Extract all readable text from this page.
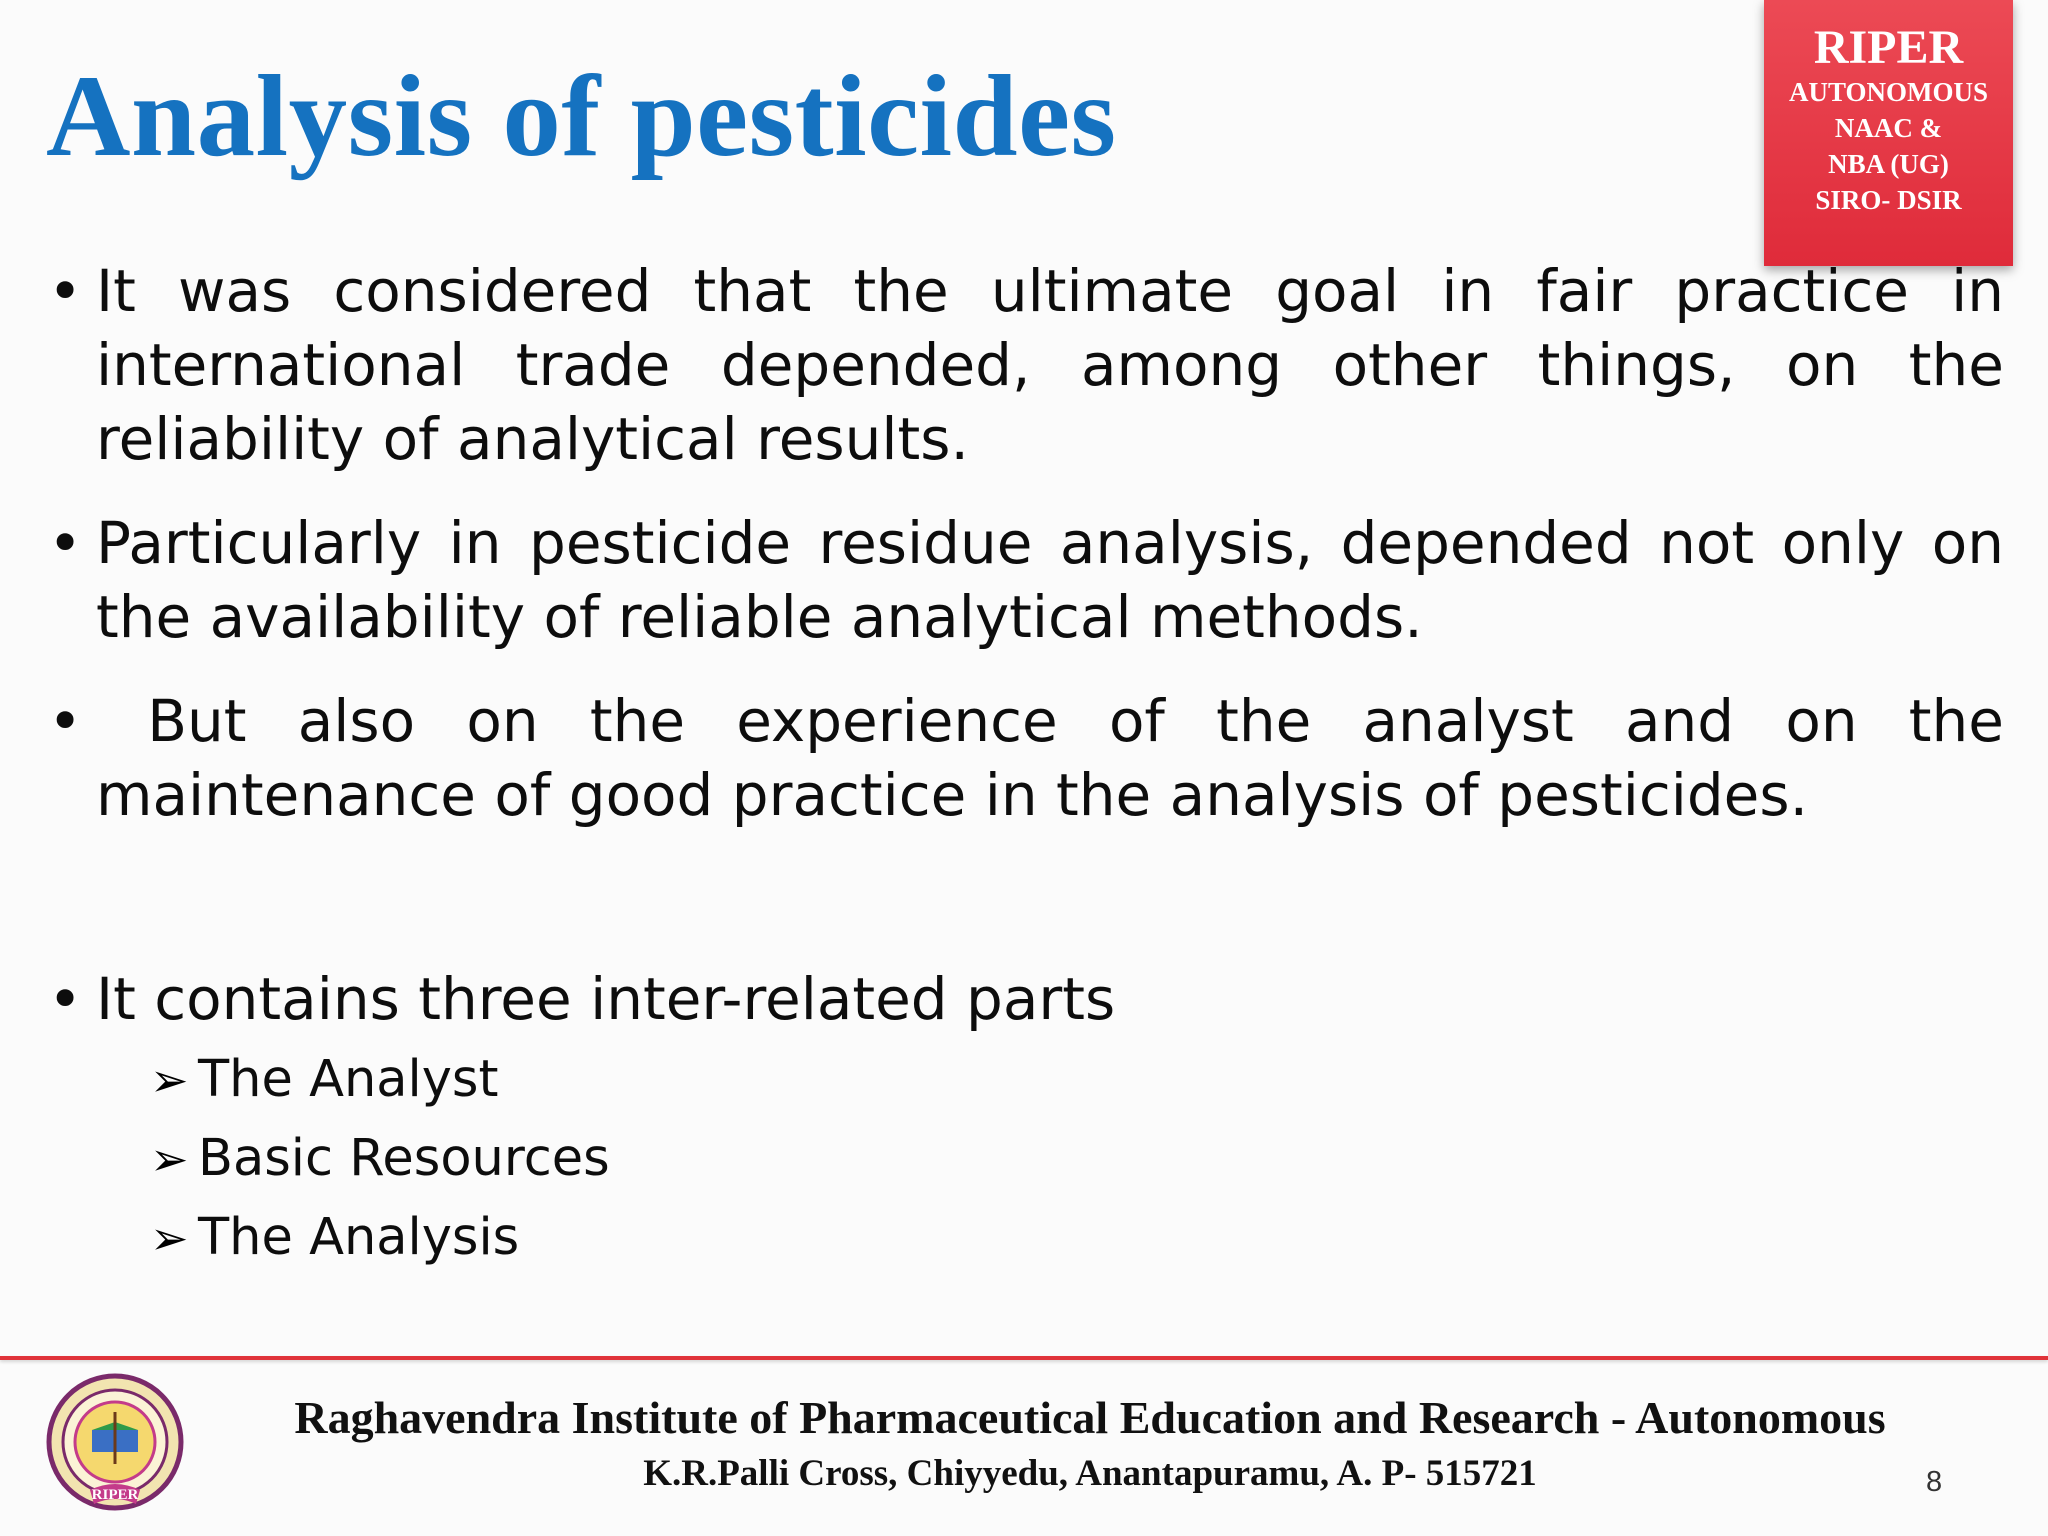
Analysis of pesticides
RIPER
AUTONOMOUS
NAAC &
NBA (UG)
SIRO- DSIR
• It was considered that the ultimate goal in fair practice in international trade depended, among other things, on the reliability of analytical results.
• Particularly in pesticide residue analysis, depended not only on the availability of reliable analytical methods.
• But also on the experience of the analyst and on the maintenance of good practice in the analysis of pesticides.
• It contains three inter-related parts
➢ The Analyst
➢ Basic Resources
➢ The Analysis
RIPER
Raghavendra Institute of Pharmaceutical Education and Research - Autonomous
K.R.Palli Cross, Chiyyedu, Anantapuramu, A. P- 515721	8
